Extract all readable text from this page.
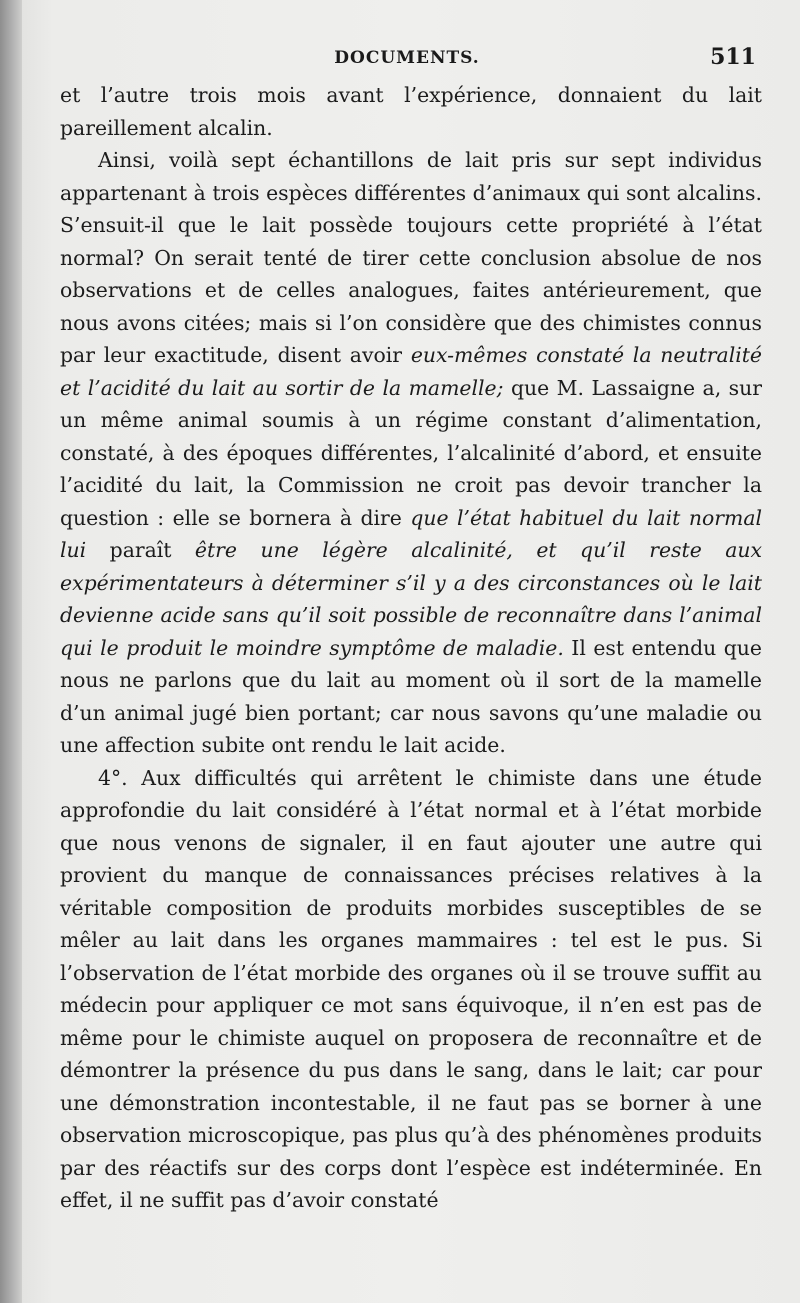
DOCUMENTS.	511

et l’autre trois mois avant l’expérience, donnaient du lait pareillement alcalin.

Ainsi, voilà sept échantillons de lait pris sur sept individus appartenant à trois espèces différentes d’animaux qui sont alcalins. S’ensuit-il que le lait possède toujours cette propriété à l’état normal? On serait tenté de tirer cette conclusion absolue de nos observations et de celles analogues, faites antérieurement, que nous avons citées; mais si l’on considère que des chimistes connus par leur exactitude, disent avoir eux-mêmes constaté la neutralité et l’acidité du lait au sortir de la mamelle; que M. Lassaigne a, sur un même animal soumis à un régime constant d’alimentation, constaté, à des époques différentes, l’alcalinité d’abord, et ensuite l’acidité du lait, la Commission ne croit pas devoir trancher la question : elle se bornera à dire que l’état habituel du lait normal lui paraît être une légère alcalinité, et qu’il reste aux expérimentateurs à déterminer s’il y a des circonstances où le lait devienne acide sans qu’il soit possible de reconnaître dans l’animal qui le produit le moindre symptôme de maladie. Il est entendu que nous ne parlons que du lait au moment où il sort de la mamelle d’un animal jugé bien portant; car nous savons qu’une maladie ou une affection subite ont rendu le lait acide.

4°. Aux difficultés qui arrêtent le chimiste dans une étude approfondie du lait considéré à l’état normal et à l’état morbide que nous venons de signaler, il en faut ajouter une autre qui provient du manque de connaissances précises relatives à la véritable composition de produits morbides susceptibles de se mêler au lait dans les organes mammaires : tel est le pus. Si l’observation de l’état morbide des organes où il se trouve suffit au médecin pour appliquer ce mot sans équivoque, il n’en est pas de même pour le chimiste auquel on proposera de reconnaître et de démontrer la présence du pus dans le sang, dans le lait; car pour une démonstration incontestable, il ne faut pas se borner à une observation microscopique, pas plus qu’à des phénomènes produits par des réactifs sur des corps dont l’espèce est indéterminée. En effet, il ne suffit pas d’avoir constaté
